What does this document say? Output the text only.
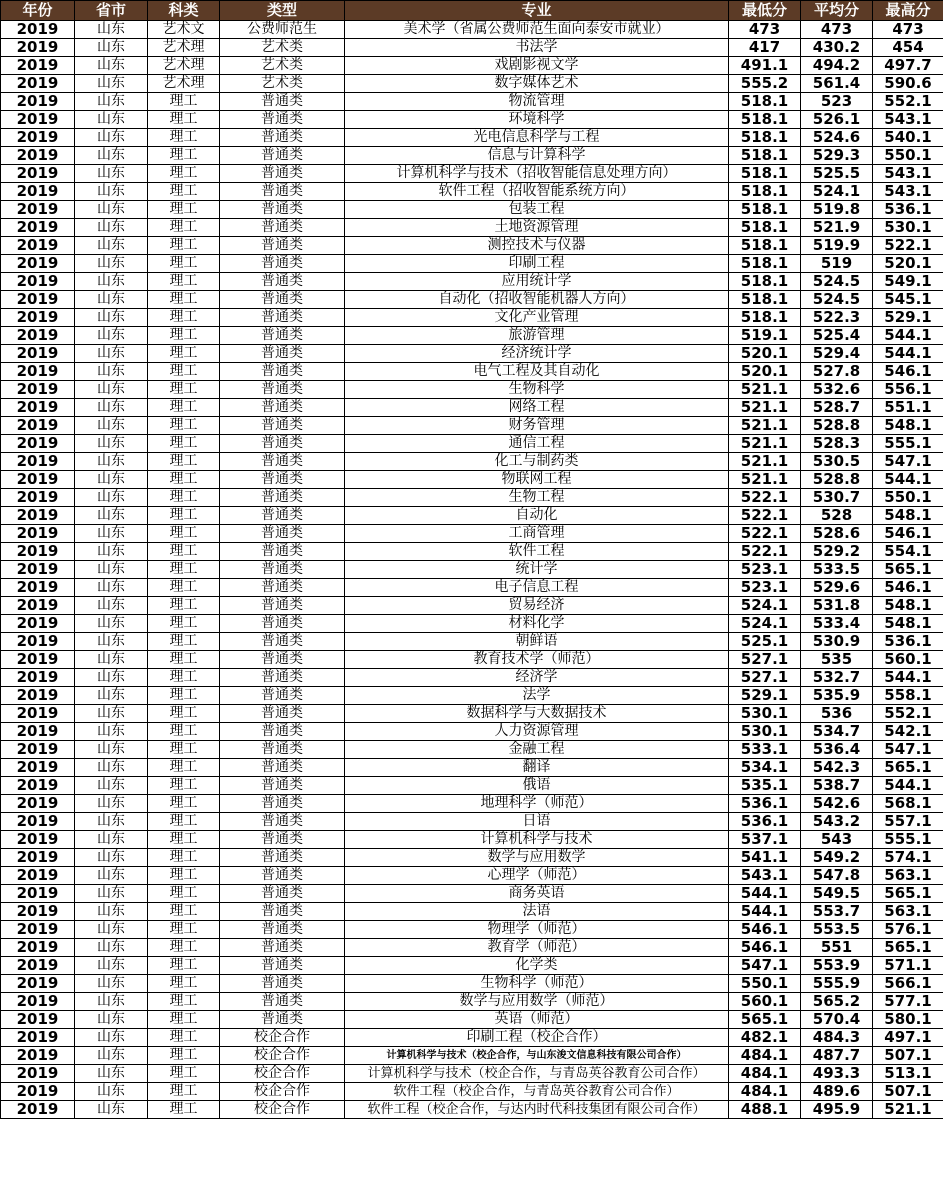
年份	省市	科类	类型	专业	最低分	平均分	最高分
2019	山东	艺术文	公费师范生	美术学（省属公费师范生面向泰安市就业）	473	473	473
2019	山东	艺术理	艺术类	书法学	417	430.2	454
2019	山东	艺术理	艺术类	戏剧影视文学	491.1	494.2	497.7
2019	山东	艺术理	艺术类	数字媒体艺术	555.2	561.4	590.6
2019	山东	理工	普通类	物流管理	518.1	523	552.1
2019	山东	理工	普通类	环境科学	518.1	526.1	543.1
2019	山东	理工	普通类	光电信息科学与工程	518.1	524.6	540.1
2019	山东	理工	普通类	信息与计算科学	518.1	529.3	550.1
2019	山东	理工	普通类	计算机科学与技术（招收智能信息处理方向）	518.1	525.5	543.1
2019	山东	理工	普通类	软件工程（招收智能系统方向）	518.1	524.1	543.1
2019	山东	理工	普通类	包装工程	518.1	519.8	536.1
2019	山东	理工	普通类	土地资源管理	518.1	521.9	530.1
2019	山东	理工	普通类	测控技术与仪器	518.1	519.9	522.1
2019	山东	理工	普通类	印刷工程	518.1	519	520.1
2019	山东	理工	普通类	应用统计学	518.1	524.5	549.1
2019	山东	理工	普通类	自动化（招收智能机器人方向）	518.1	524.5	545.1
2019	山东	理工	普通类	文化产业管理	518.1	522.3	529.1
2019	山东	理工	普通类	旅游管理	519.1	525.4	544.1
2019	山东	理工	普通类	经济统计学	520.1	529.4	544.1
2019	山东	理工	普通类	电气工程及其自动化	520.1	527.8	546.1
2019	山东	理工	普通类	生物科学	521.1	532.6	556.1
2019	山东	理工	普通类	网络工程	521.1	528.7	551.1
2019	山东	理工	普通类	财务管理	521.1	528.8	548.1
2019	山东	理工	普通类	通信工程	521.1	528.3	555.1
2019	山东	理工	普通类	化工与制药类	521.1	530.5	547.1
2019	山东	理工	普通类	物联网工程	521.1	528.8	544.1
2019	山东	理工	普通类	生物工程	522.1	530.7	550.1
2019	山东	理工	普通类	自动化	522.1	528	548.1
2019	山东	理工	普通类	工商管理	522.1	528.6	546.1
2019	山东	理工	普通类	软件工程	522.1	529.2	554.1
2019	山东	理工	普通类	统计学	523.1	533.5	565.1
2019	山东	理工	普通类	电子信息工程	523.1	529.6	546.1
2019	山东	理工	普通类	贸易经济	524.1	531.8	548.1
2019	山东	理工	普通类	材料化学	524.1	533.4	548.1
2019	山东	理工	普通类	朝鲜语	525.1	530.9	536.1
2019	山东	理工	普通类	教育技术学（师范）	527.1	535	560.1
2019	山东	理工	普通类	经济学	527.1	532.7	544.1
2019	山东	理工	普通类	法学	529.1	535.9	558.1
2019	山东	理工	普通类	数据科学与大数据技术	530.1	536	552.1
2019	山东	理工	普通类	人力资源管理	530.1	534.7	542.1
2019	山东	理工	普通类	金融工程	533.1	536.4	547.1
2019	山东	理工	普通类	翻译	534.1	542.3	565.1
2019	山东	理工	普通类	俄语	535.1	538.7	544.1
2019	山东	理工	普通类	地理科学（师范）	536.1	542.6	568.1
2019	山东	理工	普通类	日语	536.1	543.2	557.1
2019	山东	理工	普通类	计算机科学与技术	537.1	543	555.1
2019	山东	理工	普通类	数学与应用数学	541.1	549.2	574.1
2019	山东	理工	普通类	心理学（师范）	543.1	547.8	563.1
2019	山东	理工	普通类	商务英语	544.1	549.5	565.1
2019	山东	理工	普通类	法语	544.1	553.7	563.1
2019	山东	理工	普通类	物理学（师范）	546.1	553.5	576.1
2019	山东	理工	普通类	教育学（师范）	546.1	551	565.1
2019	山东	理工	普通类	化学类	547.1	553.9	571.1
2019	山东	理工	普通类	生物科学（师范）	550.1	555.9	566.1
2019	山东	理工	普通类	数学与应用数学（师范）	560.1	565.2	577.1
2019	山东	理工	普通类	英语（师范）	565.1	570.4	580.1
2019	山东	理工	校企合作	印刷工程（校企合作）	482.1	484.3	497.1
2019	山东	理工	校企合作	计算机科学与技术（校企合作，与山东浚文信息科技有限公司合作）	484.1	487.7	507.1
2019	山东	理工	校企合作	计算机科学与技术（校企合作，与青岛英谷教育公司合作）	484.1	493.3	513.1
2019	山东	理工	校企合作	软件工程（校企合作，与青岛英谷教育公司合作）	484.1	489.6	507.1
2019	山东	理工	校企合作	软件工程（校企合作，与达内时代科技集团有限公司合作）	488.1	495.9	521.1
